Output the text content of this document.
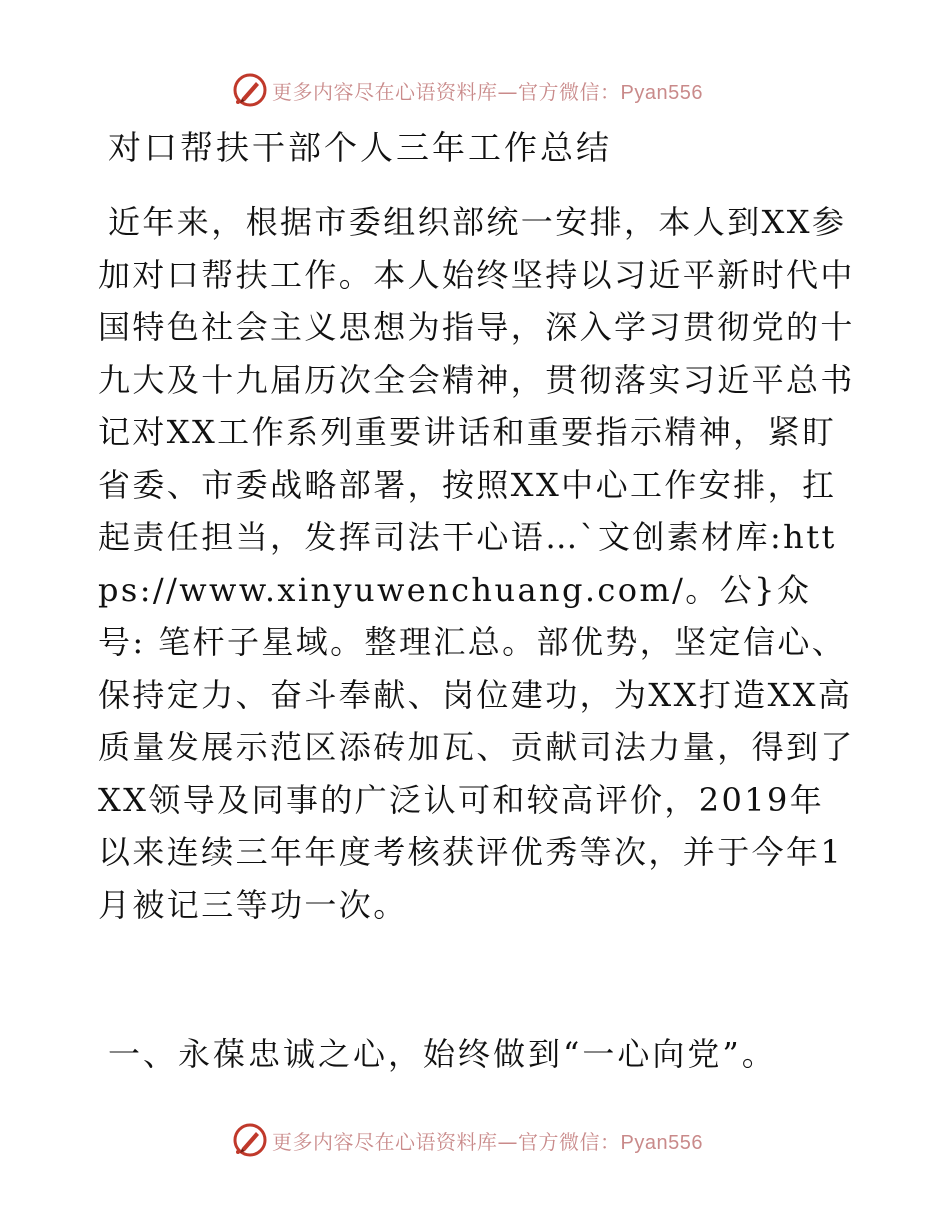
更多内容尽在心语资料库—官方微信：Pyan556
对口帮扶干部个人三年工作总结

近年来，根据市委组织部统一安排，本人到XX参加对口帮扶工作。本人始终坚持以习近平新时代中国特色社会主义思想为指导，深入学习贯彻党的十九大及十九届历次全会精神，贯彻落实习近平总书记对XX工作系列重要讲话和重要指示精神，紧盯省委、市委战略部署，按照XX中心工作安排，扛起责任担当，发挥司法干心语…`文创素材库:https://www.xinyuwenchuang.com/。公}众号: 笔杆子星域。整理汇总。部优势，坚定信心、保持定力、奋斗奉献、岗位建功，为XX打造XX高质量发展示范区添砖加瓦、贡献司法力量，得到了XX领导及同事的广泛认可和较高评价，2019年以来连续三年年度考核获评优秀等次，并于今年1月被记三等功一次。

一、永葆忠诚之心，始终做到“一心向党”。

更多内容尽在心语资料库—官方微信：Pyan556
